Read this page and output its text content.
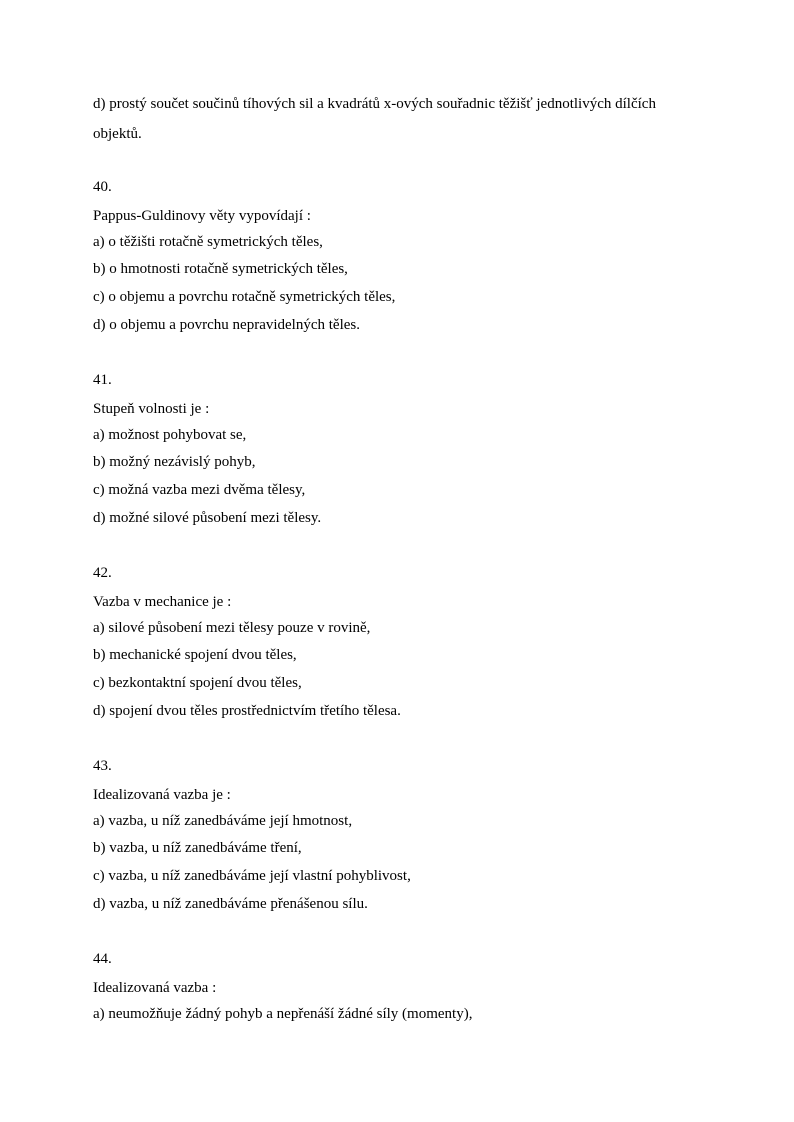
d) prostý součet součinů tíhových sil a kvadrátů x-ových souřadnic těžišť jednotlivých dílčích
objektů.
40.
Pappus-Guldinovy věty vypovídají :
a) o těžišti rotačně symetrických těles,
b) o hmotnosti rotačně symetrických těles,
c) o objemu a povrchu rotačně symetrických těles,
d) o objemu a povrchu nepravidelných těles.
41.
Stupeň volnosti je :
a) možnost pohybovat se,
b) možný nezávislý pohyb,
c) možná vazba mezi dvěma tělesy,
d) možné silové působení mezi tělesy.
42.
Vazba v mechanice je :
a) silové působení mezi tělesy pouze v rovině,
b) mechanické spojení dvou těles,
c) bezkontaktní spojení dvou těles,
d) spojení dvou těles prostřednictvím třetího tělesa.
43.
Idealizovaná vazba je :
a) vazba, u níž zanedbáváme její hmotnost,
b) vazba, u níž zanedbáváme tření,
c) vazba, u níž zanedbáváme její vlastní pohyblivost,
d) vazba, u níž zanedbáváme přenášenou sílu.
44.
Idealizovaná vazba :
a) neumožňuje žádný pohyb a nepřenáší žádné síly (momenty),
